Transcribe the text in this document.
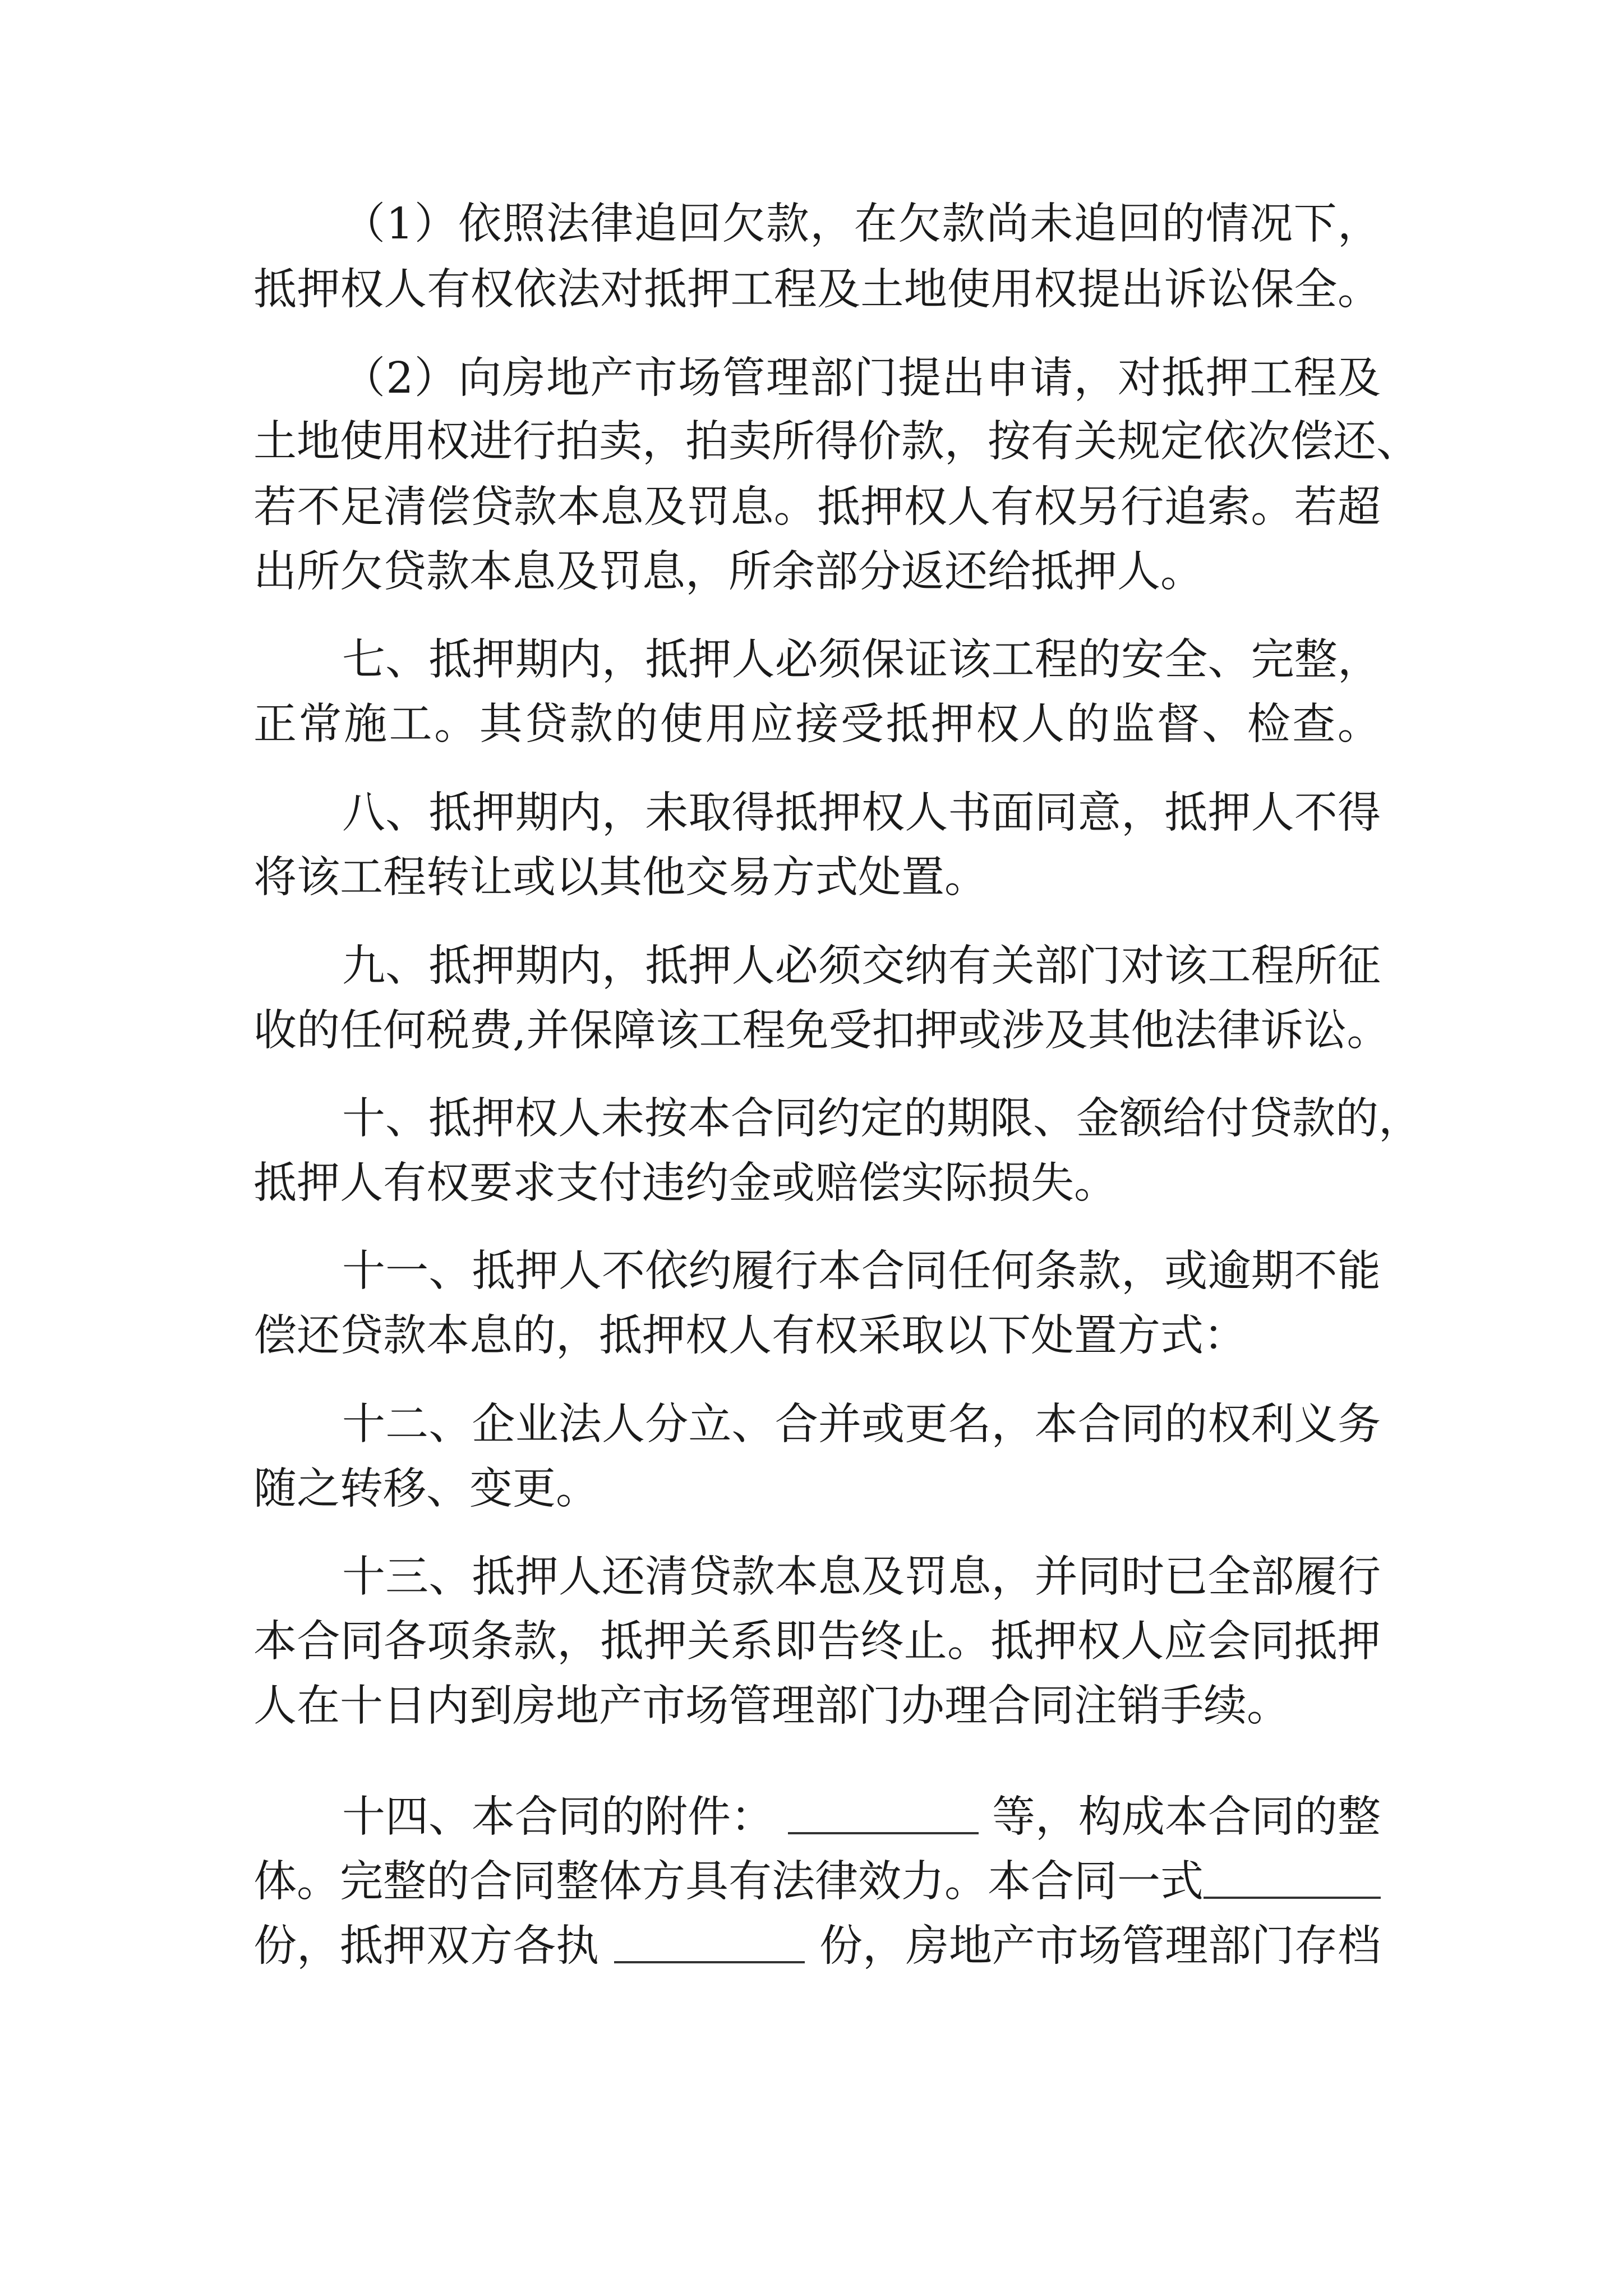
（ 1 ） 依 照 法 律 追 回 欠 款 ， 在 欠 款 尚 未 追 回 的 情 况 下 ，
抵 押 权 人 有 权 依 法 对 抵 押 工 程 及 土 地 使 用 权 提 出 诉 讼 保 全 。
（ 2 ） 向 房 地 产 市 场 管 理 部 门 提 出 申 请 ， 对 抵 押 工 程 及
土 地 使 用 权 进 行 拍 卖 ， 拍 卖 所 得 价 款 ， 按 有 关 规 定 依 次 偿 还 、
若 不 足 清 偿 贷 款 本 息 及 罚 息 。 抵 押 权 人 有 权 另 行 追 索 。 若 超
出所欠贷款本息及罚息，所余部分返还给抵押人。
七 、 抵 押 期 内 ， 抵 押 人 必 须 保 证 该 工 程 的 安 全 、 完 整 ，
正 常 施 工 。 其 贷 款 的 使 用 应 接 受 抵 押 权 人 的 监 督 、 检 查 。
八 、 抵 押 期 内 ， 未 取 得 抵 押 权 人 书 面 同 意 ， 抵 押 人 不 得
将该工程转让或以其他交易方式处置。
九 、 抵 押 期 内 ， 抵 押 人 必 须 交 纳 有 关 部 门 对 该 工 程 所 征
收 的 任 何 税 费 , 并 保 障 该 工 程 免 受 扣 押 或 涉 及 其 他 法 律 诉 讼 。
十 、 抵 押 权 人 未 按 本 合 同 约 定 的 期 限 、 金 额 给 付 贷 款 的 ，
抵押人有权要求支付违约金或赔偿实际损失。
十 一 、 抵 押 人 不 依 约 履 行 本 合 同 任 何 条 款 ， 或 逾 期 不 能
偿还贷款本息的，抵押权人有权采取以下处置方式：
十 二 、 企 业 法 人 分 立 、 合 并 或 更 名 ， 本 合 同 的 权 利 义 务
随之转移、变更。
十 三 、 抵 押 人 还 清 贷 款 本 息 及 罚 息 ， 并 同 时 已 全 部 履 行
本 合 同 各 项 条 款 ， 抵 押 关 系 即 告 终 止 。 抵 押 权 人 应 会 同 抵 押
人在十日内到房地产市场管理部门办理合同注销手续。
十四、本合同的附件：	等，构成本合同的整
体。完整的合同整体方具有法律效力。本合同一式
份，抵押双方各执	份，房地产市场管理部门存档
